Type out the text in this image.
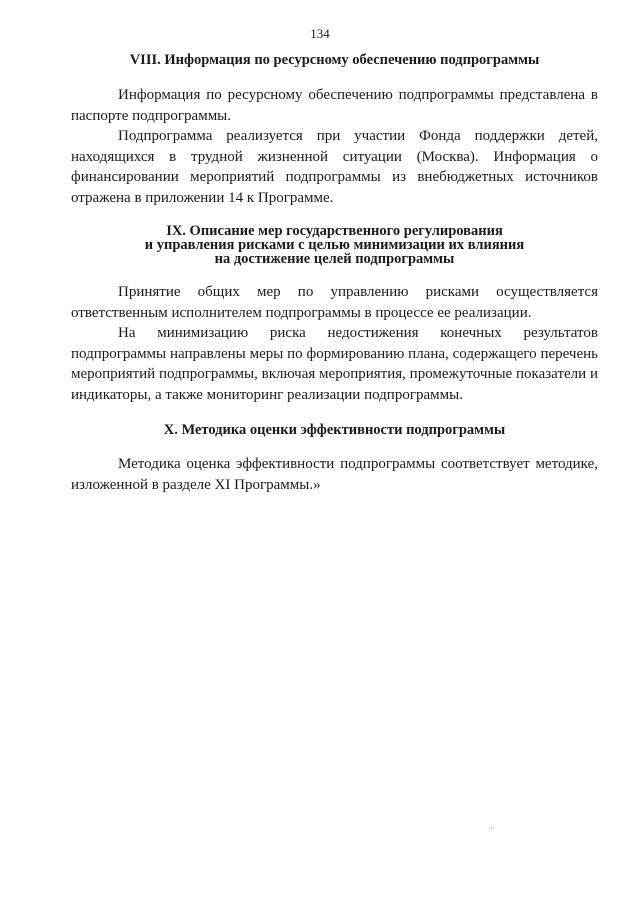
134
VIII. Информация по ресурсному обеспечению подпрограммы

Информация по ресурсному обеспечению подпрограммы представлена в паспорте подпрограммы.

Подпрограмма реализуется при участии Фонда поддержки детей, находящихся в трудной жизненной ситуации (Москва). Информация о финансировании мероприятий подпрограммы из внебюджетных источников отражена в приложении 14 к Программе.

IX. Описание мер государственного регулирования
и управления рисками с целью минимизации их влияния
на достижение целей подпрограммы

Принятие общих мер по управлению рисками осуществляется ответственным исполнителем подпрограммы в процессе ее реализации.

На минимизацию риска недостижения конечных результатов подпрограммы направлены меры по формированию плана, содержащего перечень мероприятий подпрограммы, включая мероприятия, промежуточные показатели и индикаторы, а также мониторинг реализации подпрограммы.

X. Методика оценки эффективности подпрограммы

Методика оценка эффективности подпрограммы соответствует методике, изложенной в разделе XI Программы.»
